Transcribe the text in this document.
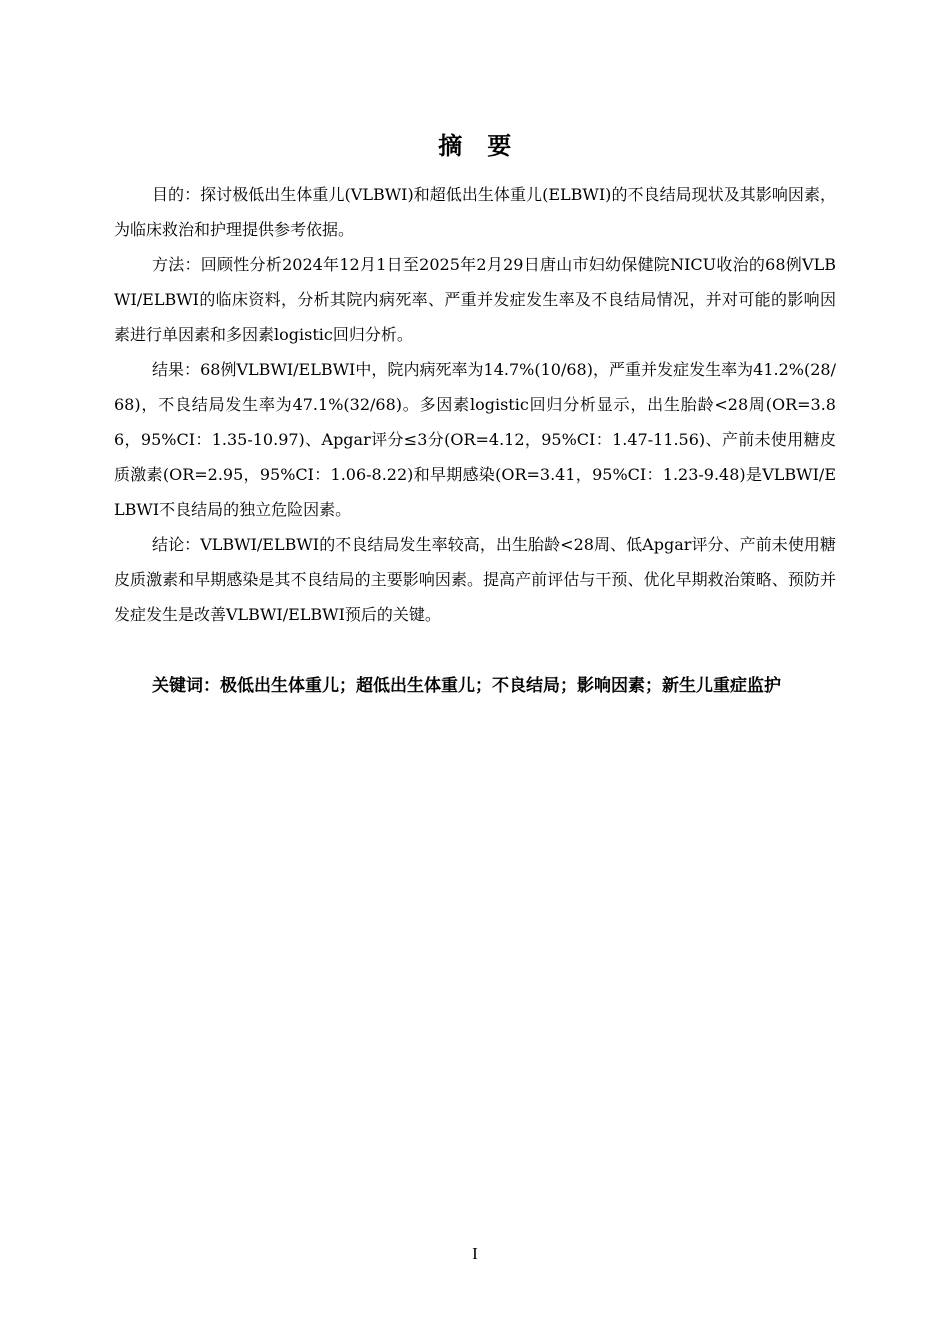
摘　要

目的：探讨极低出生体重儿(VLBWI)和超低出生体重儿(ELBWI)的不良结局现状及其影响因素，为临床救治和护理提供参考依据。

方法：回顾性分析2024年12月1日至2025年2月29日唐山市妇幼保健院NICU收治的68例VLBWI/ELBWI的临床资料，分析其院内病死率、严重并发症发生率及不良结局情况，并对可能的影响因素进行单因素和多因素logistic回归分析。

结果：68例VLBWI/ELBWI中，院内病死率为14.7%(10/68)，严重并发症发生率为41.2%(28/68)，不良结局发生率为47.1%(32/68)。多因素logistic回归分析显示，出生胎龄<28周(OR=3.86，95%CI：1.35-10.97)、Apgar评分≤3分(OR=4.12，95%CI：1.47-11.56)、产前未使用糖皮质激素(OR=2.95，95%CI：1.06-8.22)和早期感染(OR=3.41，95%CI：1.23-9.48)是VLBWI/ELBWI不良结局的独立危险因素。

结论：VLBWI/ELBWI的不良结局发生率较高，出生胎龄<28周、低Apgar评分、产前未使用糖皮质激素和早期感染是其不良结局的主要影响因素。提高产前评估与干预、优化早期救治策略、预防并发症发生是改善VLBWI/ELBWI预后的关键。

关键词：极低出生体重儿；超低出生体重儿；不良结局；影响因素；新生儿重症监护

I
